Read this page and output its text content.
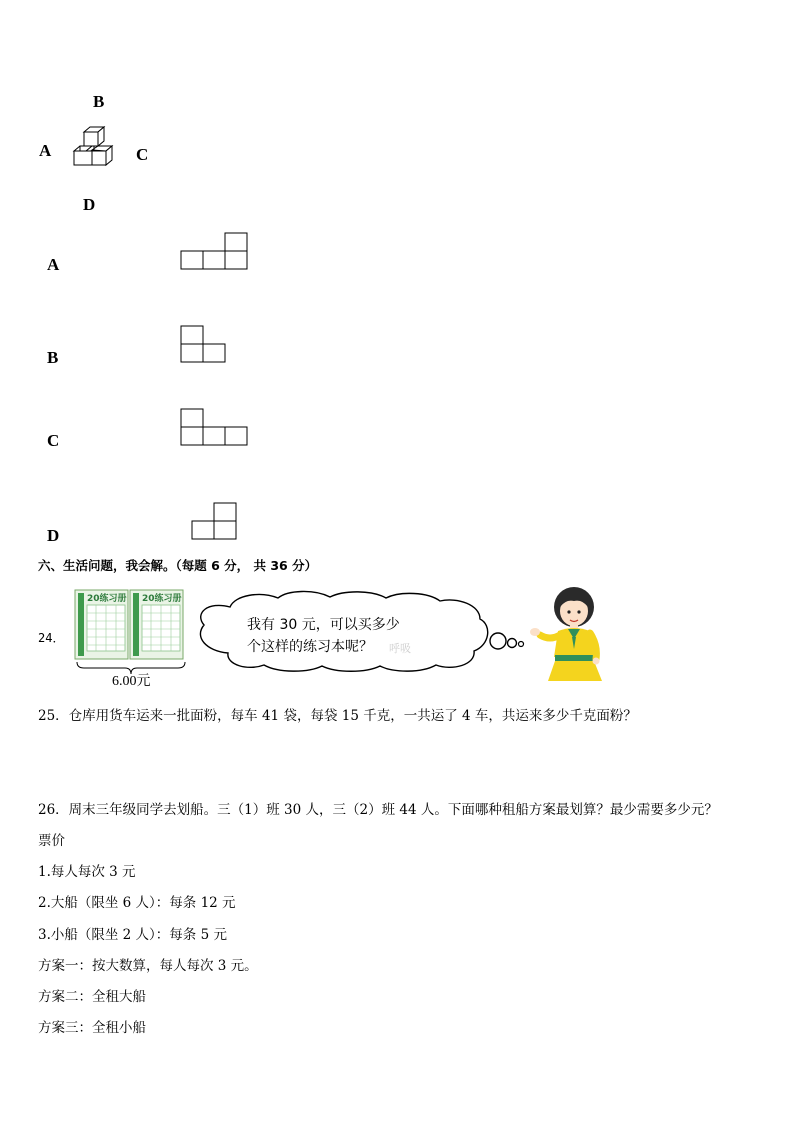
B
A	C
D
A
B
C
D
六、生活问题，我会解。（每题 6 分， 共 36 分）
24．
20练习册 20练习册
6.00元
我有 30 元，可以买多少
个这样的练习本呢？ 呼吸
25．仓库用货车运来一批面粉，每车 41 袋，每袋 15 千克，一共运了 4 车，共运来多少千克面粉？
26．周末三年级同学去划船。三（1）班 30 人，三（2）班 44 人。下面哪种租船方案最划算？最少需要多少元？
票价
1.每人每次 3 元
2.大船（限坐 6 人）：每条 12 元
3.小船（限坐 2 人）：每条 5 元
方案一：按大数算，每人每次 3 元。
方案二：全租大船
方案三：全租小船
